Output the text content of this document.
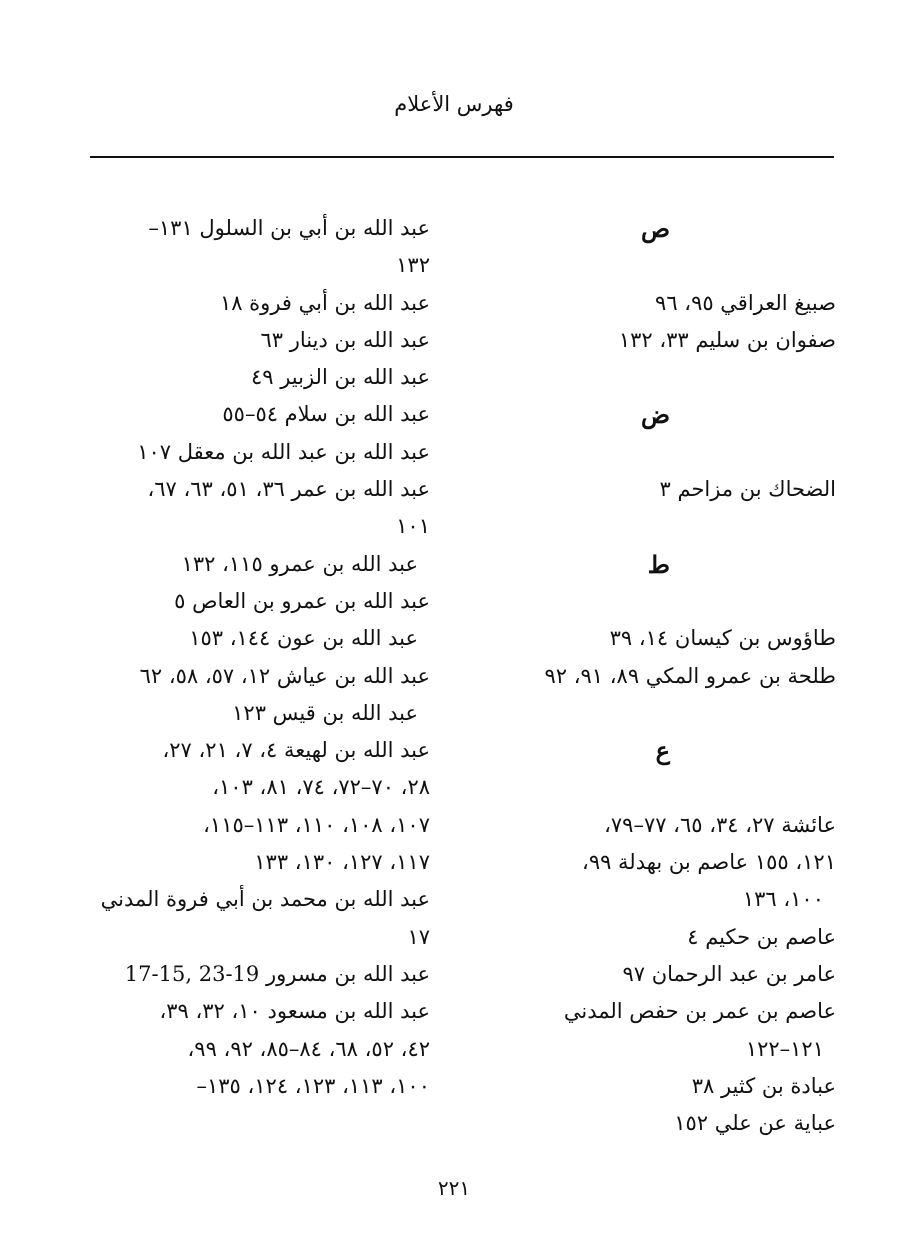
فهرس الأعلام
ص
صبيغ العراقي ٩٥، ٩٦
صفوان بن سليم ٣٣، ١٣٢
ض
الضحاك بن مزاحم ٣
ط
طاؤوس بن كيسان ١٤، ٣٩
طلحة بن عمرو المكي ٨٩، ٩١، ٩٢
ع
عائشة ٢٧، ٣٤، ٦٥، ٧٧–٧٩،
١٢١، ١٥٥ عاصم بن بهدلة ٩٩،
١٠٠، ١٣٦
عاصم بن حكيم ٤
عامر بن عبد الرحمان ٩٧
عاصم بن عمر بن حفص المدني
١٢١–١٢٢
عبادة بن كثير ٣٨
عباية عن علي ١٥٢
عبد الله بن أبي بن السلول ١٣١–
١٣٢
عبد الله بن أبي فروة ١٨
عبد الله بن دينار ٦٣
عبد الله بن الزبير ٤٩
عبد الله بن سلام ٥٤–٥٥
عبد الله بن عبد الله بن معقل ١٠٧
عبد الله بن عمر ٣٦، ٥١، ٦٣، ٦٧،
١٠١
عبد الله بن عمرو ١١٥، ١٣٢
عبد الله بن عمرو بن العاص ٥
عبد الله بن عون ١٤٤، ١٥٣
عبد الله بن عياش ١٢، ٥٧، ٥٨، ٦٢
عبد الله بن قيس ١٢٣
عبد الله بن لهيعة ٤، ٧، ٢١، ٢٧،
٢٨، ٧٠–٧٢، ٧٤، ٨١، ١٠٣،
١٠٧، ١٠٨، ١١٠، ١١٣–١١٥،
١١٧، ١٢٧، ١٣٠، ١٣٣
عبد الله بن محمد بن أبي فروة المدني
١٧
عبد الله بن مسرور 19-23 ,15-17
عبد الله بن مسعود ١٠، ٣٢، ٣٩،
٤٢، ٥٢، ٦٨، ٨٤–٨٥، ٩٢، ٩٩،
١٠٠، ١١٣، ١٢٣، ١٢٤، ١٣٥–
٢٢١
